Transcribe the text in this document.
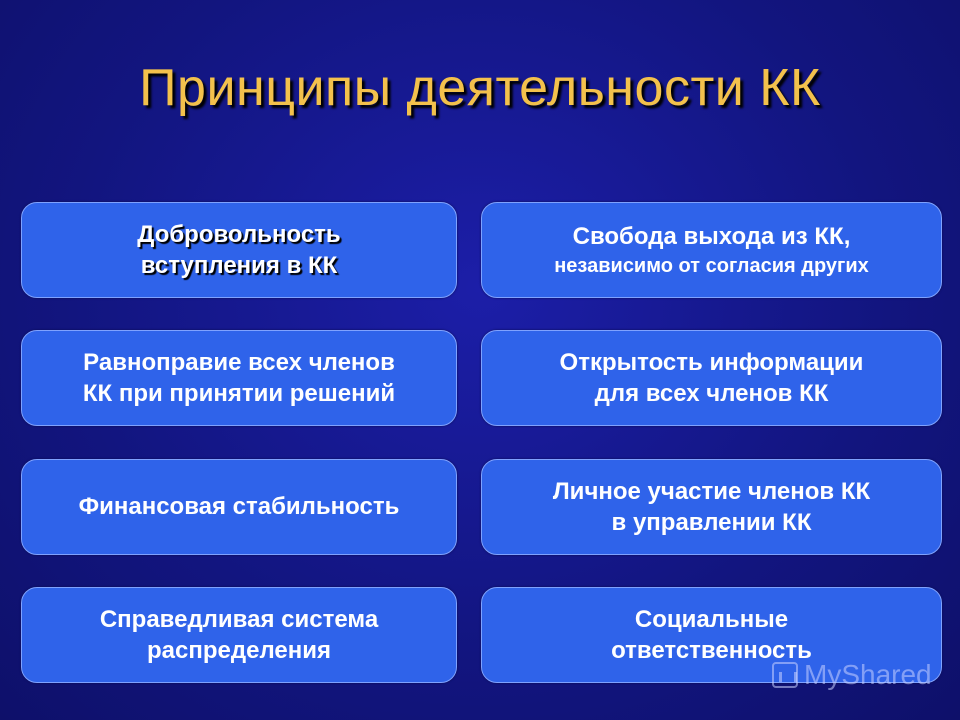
Принципы деятельности КК
Добровольность
вступления в КК
Свобода выхода из КК,
независимо от согласия других
Равноправие всех членов
КК при принятии решений
Открытость информации
для всех членов КК
Финансовая стабильность
Личное участие членов КК
в управлении КК
Справедливая система
распределения
Социальные
ответственность
MyShared
